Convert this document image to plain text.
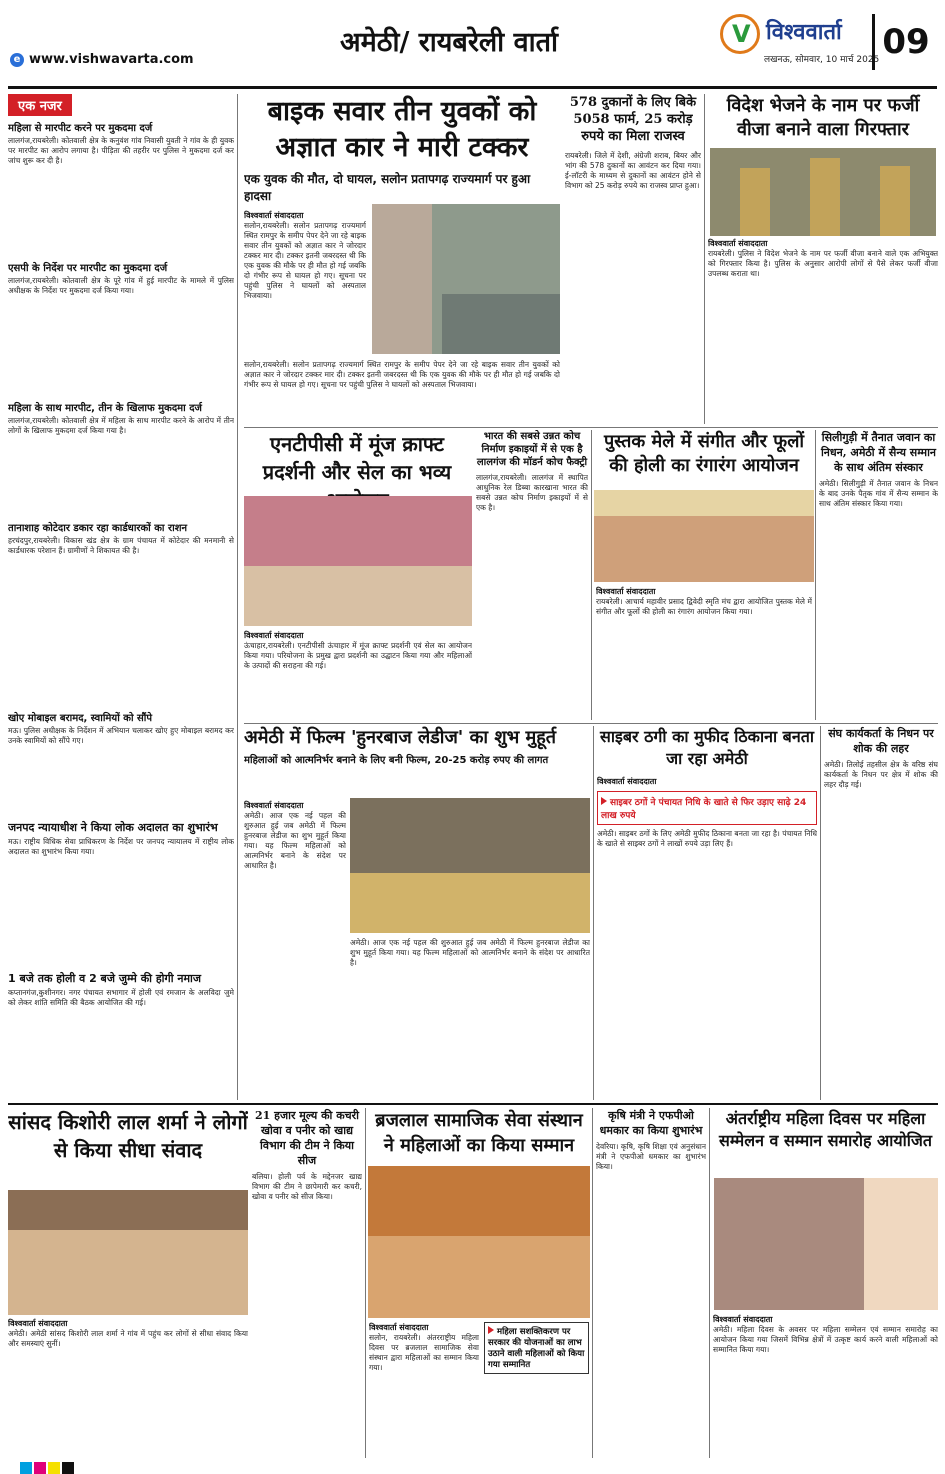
अमेठी/ रायबरेली वार्ता
e www.vishwavarta.com
V
विश्ववार्ता
लखनऊ, सोमवार, 10 मार्च 2025 09
एक नजर
महिला से मारपीट करने पर मुकदमा दर्ज
लालगंज,रायबरेली। कोतवाली क्षेत्र के कनुवंश गांव निवासी युवती ने गांव के ही युवक पर मारपीट का आरोप लगाया है। पीड़िता की तहरीर पर पुलिस ने मुकदमा दर्ज कर जांच शुरू कर दी है।
एसपी के निर्देश पर मारपीट का मुकदमा दर्ज
लालगंज,रायबरेली। कोतवाली क्षेत्र के पूरे गांव में हुई मारपीट के मामले में पुलिस अधीक्षक के निर्देश पर मुकदमा दर्ज किया गया।
महिला के साथ मारपीट, तीन के खिलाफ मुकदमा दर्ज
लालगंज,रायबरेली। कोतवाली क्षेत्र में महिला के साथ मारपीट करने के आरोप में तीन लोगों के खिलाफ मुकदमा दर्ज किया गया है।
तानाशाह कोटेदार डकार रहा कार्डधारकों का राशन
हरचंदपुर,रायबरेली। विकास खंड क्षेत्र के ग्राम पंचायत में कोटेदार की मनमानी से कार्डधारक परेशान हैं। ग्रामीणों ने शिकायत की है।
खोए मोबाइल बरामद, स्वामियों को सौंपे
मऊ। पुलिस अधीक्षक के निर्देशन में अभियान चलाकर खोए हुए मोबाइल बरामद कर उनके स्वामियों को सौंपे गए।
जनपद न्यायाधीश ने किया लोक अदालत का शुभारंभ
मऊ। राष्ट्रीय विधिक सेवा प्राधिकरण के निर्देश पर जनपद न्यायालय में राष्ट्रीय लोक अदालत का शुभारंभ किया गया।
1 बजे तक होली व 2 बजे जुम्मे की होगी नमाज
कप्तानगंज,कुशीनगर। नगर पंचायत सभागार में होली एवं रमजान के अलविदा जुमे को लेकर शांति समिति की बैठक आयोजित की गई।
बाइक सवार तीन युवकों को अज्ञात कार ने मारी टक्कर
एक युवक की मौत, दो घायल, सलोन प्रतापगढ़ राज्यमार्ग पर हुआ हादसा
विश्ववार्ता संवाददाता
सलोन,रायबरेली। सलोन प्रतापगढ़ राज्यमार्ग स्थित रामपुर के समीप पेपर देने जा रहे बाइक सवार तीन युवकों को अज्ञात कार ने जोरदार टक्कर मार दी। टक्कर इतनी जबरदस्त थी कि एक युवक की मौके पर ही मौत हो गई जबकि दो गंभीर रूप से घायल हो गए। सूचना पर पहुंची पुलिस ने घायलों को अस्पताल भिजवाया।
सलोन,रायबरेली। सलोन प्रतापगढ़ राज्यमार्ग स्थित रामपुर के समीप पेपर देने जा रहे बाइक सवार तीन युवकों को अज्ञात कार ने जोरदार टक्कर मार दी। टक्कर इतनी जबरदस्त थी कि एक युवक की मौके पर ही मौत हो गई जबकि दो गंभीर रूप से घायल हो गए। सूचना पर पहुंची पुलिस ने घायलों को अस्पताल भिजवाया।
578 दुकानों के लिए बिके 5058 फार्म, 25 करोड़ रुपये का मिला राजस्व
रायबरेली। जिले में देशी, अंग्रेजी शराब, बियर और भांग की 578 दुकानों का आवंटन कर दिया गया। ई-लॉटरी के माध्यम से दुकानों का आवंटन होने से विभाग को 25 करोड़ रुपये का राजस्व प्राप्त हुआ।
विदेश भेजने के नाम पर फर्जी वीजा बनाने वाला गिरफ्तार
विश्ववार्ता संवाददाता
रायबरेली। पुलिस ने विदेश भेजने के नाम पर फर्जी वीजा बनाने वाले एक अभियुक्त को गिरफ्तार किया है। पुलिस के अनुसार आरोपी लोगों से पैसे लेकर फर्जी वीजा उपलब्ध कराता था।
एनटीपीसी में मूंज क्राफ्ट प्रदर्शनी और सेल का भव्य
विश्ववार्ता संवाददाता
ऊंचाहार,रायबरेली। एनटीपीसी ऊंचाहार में मूंज क्राफ्ट प्रदर्शनी एवं सेल का आयोजन किया गया। परियोजना के प्रमुख द्वारा प्रदर्शनी का उद्घाटन किया गया और महिलाओं के उत्पादों की सराहना की गई।
भारत की सबसे उन्नत कोच निर्माण इकाइयों में से एक है लालगंज की मॉडर्न कोच फैक्ट्री
लालगंज,रायबरेली। लालगंज में स्थापित आधुनिक रेल डिब्बा कारखाना भारत की सबसे उन्नत कोच निर्माण इकाइयों में से एक है।
पुस्तक मेले में संगीत और फूलों की होली का रंगारंग आयोजन
विश्ववार्ता संवाददाता
रायबरेली। आचार्य महावीर प्रसाद द्विवेदी स्मृति मंच द्वारा आयोजित पुस्तक मेले में संगीत और फूलों की होली का रंगारंग आयोजन किया गया।
सिलीगुड़ी में तैनात जवान का निधन, अमेठी में सैन्य सम्मान के साथ अंतिम संस्कार
अमेठी। सिलीगुड़ी में तैनात जवान के निधन के बाद उनके पैतृक गांव में सैन्य सम्मान के साथ अंतिम संस्कार किया गया।
अमेठी में फिल्म 'हुनरबाज लेडीज' का शुभ मुहूर्त
महिलाओं को आत्मनिर्भर बनाने के लिए बनी फिल्म, 20-25 करोड़ रुपए की लागत
विश्ववार्ता संवाददाता
अमेठी। आज एक नई पहल की शुरुआत हुई जब अमेठी में फिल्म हुनरबाज लेडीज का शुभ मुहूर्त किया गया। यह फिल्म महिलाओं को आत्मनिर्भर बनाने के संदेश पर आधारित है।
अमेठी। आज एक नई पहल की शुरुआत हुई जब अमेठी में फिल्म हुनरबाज लेडीज का शुभ मुहूर्त किया गया। यह फिल्म महिलाओं को आत्मनिर्भर बनाने के संदेश पर आधारित है।
साइबर ठगी का मुफीद ठिकाना बनता जा रहा अमेठी
विश्ववार्ता संवाददाता
साइबर ठगों ने पंचायत निधि के खाते से फिर उड़ाए साढ़े 24 लाख रुपये
अमेठी। साइबर ठगों के लिए अमेठी मुफीद ठिकाना बनता जा रहा है। पंचायत निधि के खाते से साइबर ठगों ने लाखों रुपये उड़ा लिए हैं।
संघ कार्यकर्ता के निधन पर शोक की लहर
अमेठी। तिलोई तहसील क्षेत्र के वरिष्ठ संघ कार्यकर्ता के निधन पर क्षेत्र में शोक की लहर दौड़ गई।
सांसद किशोरी लाल शर्मा ने लोगों से किया सीधा संवाद
विश्ववार्ता संवाददाता
अमेठी। अमेठी सांसद किशोरी लाल शर्मा ने गांव में पहुंच कर लोगों से सीधा संवाद किया और समस्याएं सुनीं।
21 हजार मूल्य की कचरी खोवा व पनीर को खाद्य विभाग की टीम ने किया सीज
बलिया। होली पर्व के मद्देनजर खाद्य विभाग की टीम ने छापेमारी कर कचरी, खोवा व पनीर को सीज किया।
ब्रजलाल सामाजिक सेवा संस्थान ने महिलाओं का किया सम्मान
विश्ववार्ता संवाददाता
सलोन, रायबरेली। अंतरराष्ट्रीय महिला दिवस पर ब्रजलाल सामाजिक सेवा संस्थान द्वारा महिलाओं का सम्मान किया गया।
महिला सशक्तिकरण पर सरकार की योजनाओं का लाभ उठाने वाली महिलाओं को किया गया सम्मानित
कृषि मंत्री ने एफपीओ धमकार का किया शुभारंभ
देवरिया। कृषि, कृषि शिक्षा एवं अनुसंधान मंत्री ने एफपीओ धमकार का शुभारंभ किया।
अंतर्राष्ट्रीय महिला दिवस पर महिला सम्मेलन व सम्मान समारोह आयोजित
विश्ववार्ता संवाददाता
अमेठी। महिला दिवस के अवसर पर महिला सम्मेलन एवं सम्मान समारोह का आयोजन किया गया जिसमें विभिन्न क्षेत्रों में उत्कृष्ट कार्य करने वाली महिलाओं को सम्मानित किया गया।
